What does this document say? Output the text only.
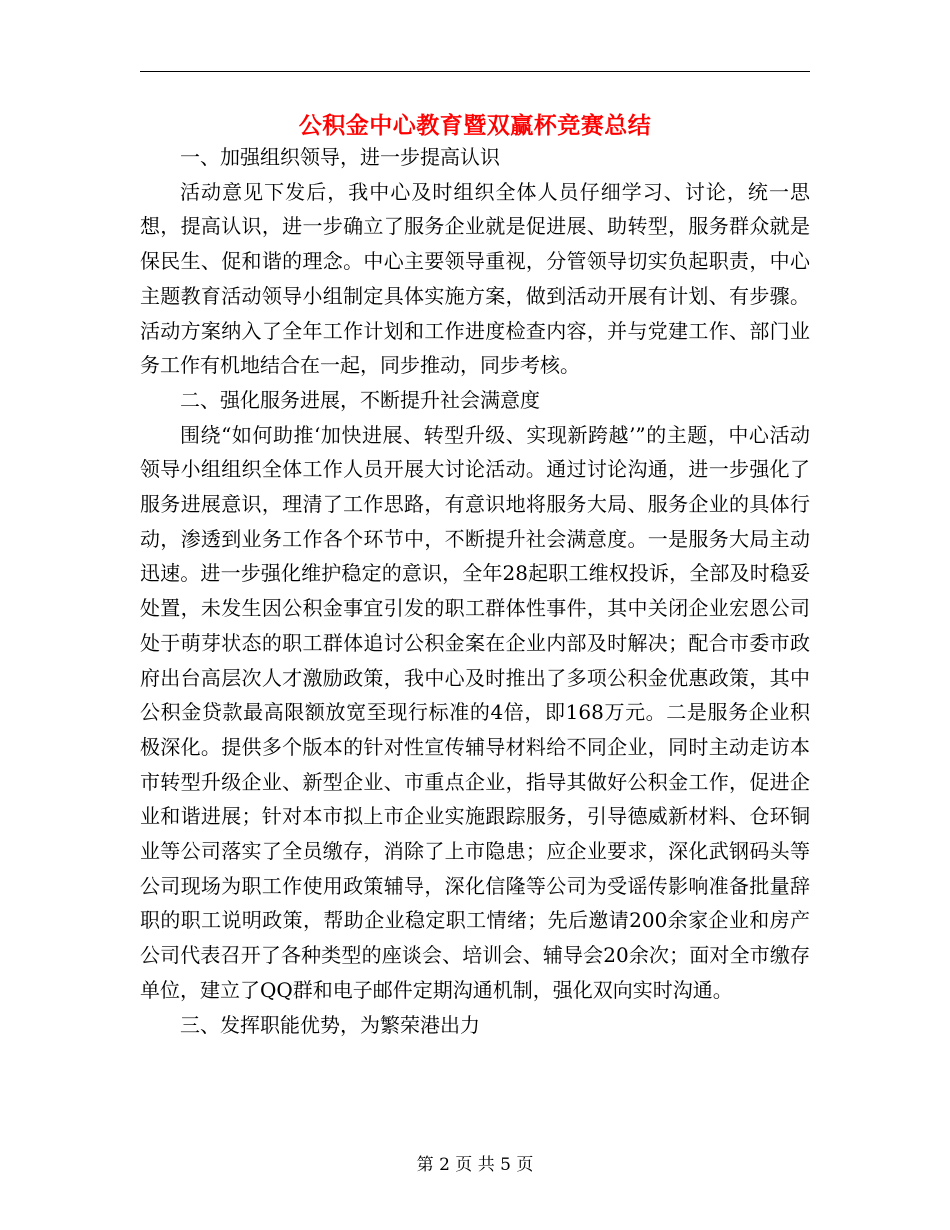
公积金中心教育暨双赢杯竞赛总结

一、加强组织领导，进一步提高认识

活动意见下发后，我中心及时组织全体人员仔细学习、讨论，统一思想，提高认识，进一步确立了服务企业就是促进展、助转型，服务群众就是保民生、促和谐的理念。中心主要领导重视，分管领导切实负起职责，中心主题教育活动领导小组制定具体实施方案，做到活动开展有计划、有步骤。活动方案纳入了全年工作计划和工作进度检查内容，并与党建工作、部门业务工作有机地结合在一起，同步推动，同步考核。

二、强化服务进展，不断提升社会满意度

围绕“如何助推‘加快进展、转型升级、实现新跨越’”的主题，中心活动领导小组组织全体工作人员开展大讨论活动。通过讨论沟通，进一步强化了服务进展意识，理清了工作思路，有意识地将服务大局、服务企业的具体行动，渗透到业务工作各个环节中，不断提升社会满意度。一是服务大局主动迅速。进一步强化维护稳定的意识，全年28起职工维权投诉，全部及时稳妥处置，未发生因公积金事宜引发的职工群体性事件，其中关闭企业宏恩公司处于萌芽状态的职工群体追讨公积金案在企业内部及时解决；配合市委市政府出台高层次人才激励政策，我中心及时推出了多项公积金优惠政策，其中公积金贷款最高限额放宽至现行标准的4倍，即168万元。二是服务企业积极深化。提供多个版本的针对性宣传辅导材料给不同企业，同时主动走访本市转型升级企业、新型企业、市重点企业，指导其做好公积金工作，促进企业和谐进展；针对本市拟上市企业实施跟踪服务，引导德威新材料、仓环铜业等公司落实了全员缴存，消除了上市隐患；应企业要求，深化武钢码头等公司现场为职工作使用政策辅导，深化信隆等公司为受谣传影响准备批量辞职的职工说明政策，帮助企业稳定职工情绪；先后邀请200余家企业和房产公司代表召开了各种类型的座谈会、培训会、辅导会20余次；面对全市缴存单位，建立了QQ群和电子邮件定期沟通机制，强化双向实时沟通。

三、发挥职能优势，为繁荣港出力

第 2 页 共 5 页
